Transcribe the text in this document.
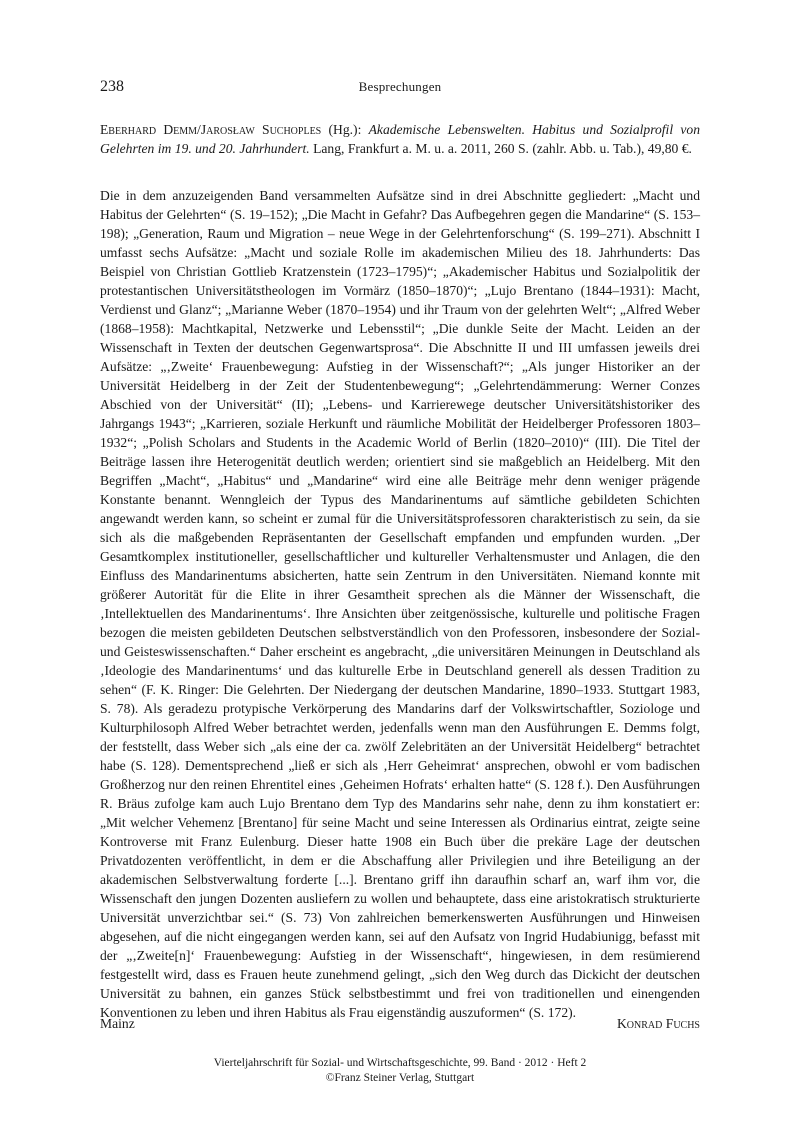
238	Besprechungen

Eberhard Demm/Jarosław Suchoples (Hg.): Akademische Lebenswelten. Habitus und Sozialprofil von Gelehrten im 19. und 20. Jahrhundert. Lang, Frankfurt a. M. u. a. 2011, 260 S. (zahlr. Abb. u. Tab.), 49,80 €.

Die in dem anzuzeigenden Band versammelten Aufsätze sind in drei Abschnitte gegliedert: „Macht und Habitus der Gelehrten“ (S. 19–152); „Die Macht in Gefahr? Das Aufbegehren gegen die Mandarine“ (S. 153–198); „Generation, Raum und Migration – neue Wege in der Gelehrtenforschung“ (S. 199–271). Abschnitt I umfasst sechs Aufsätze: „Macht und soziale Rolle im akademischen Milieu des 18. Jahrhunderts: Das Beispiel von Christian Gottlieb Kratzenstein (1723–1795)“; „Akademischer Habitus und Sozialpolitik der protestantischen Universitätstheologen im Vormärz (1850–1870)“; „Lujo Brentano (1844–1931): Macht, Verdienst und Glanz“; „Marianne Weber (1870–1954) und ihr Traum von der gelehrten Welt“; „Alfred Weber (1868–1958): Machtkapital, Netzwerke und Lebensstil“; „Die dunkle Seite der Macht. Leiden an der Wissenschaft in Texten der deutschen Gegenwartsprosa“. Die Abschnitte II und III umfassen jeweils drei Aufsätze: „‚Zweite‘ Frauenbewegung: Aufstieg in der Wissenschaft?“; „Als junger Historiker an der Universität Heidelberg in der Zeit der Studentenbewegung“; „Gelehrtendämmerung: Werner Conzes Abschied von der Universität“ (II); „Lebens- und Karrierewege deutscher Universitätshistoriker des Jahrgangs 1943“; „Karrieren, soziale Herkunft und räumliche Mobilität der Heidelberger Professoren 1803–1932“; „Polish Scholars and Students in the Academic World of Berlin (1820–2010)“ (III). Die Titel der Beiträge lassen ihre Heterogenität deutlich werden; orientiert sind sie maßgeblich an Heidelberg. Mit den Begriffen „Macht“, „Habitus“ und „Mandarine“ wird eine alle Beiträge mehr denn weniger prägende Konstante benannt. Wenngleich der Typus des Mandarinentums auf sämtliche gebildeten Schichten angewandt werden kann, so scheint er zumal für die Universitätsprofessoren charakteristisch zu sein, da sie sich als die maßgebenden Repräsentanten der Gesellschaft empfanden und empfunden wurden. „Der Gesamtkomplex institutioneller, gesellschaftlicher und kultureller Verhaltensmuster und Anlagen, die den Einfluss des Mandarinentums absicherten, hatte sein Zentrum in den Universitäten. Niemand konnte mit größerer Autorität für die Elite in ihrer Gesamtheit sprechen als die Männer der Wissenschaft, die ‚Intellektuellen des Mandarinentums‘. Ihre Ansichten über zeitgenössische, kulturelle und politische Fragen bezogen die meisten gebildeten Deutschen selbstverständlich von den Professoren, insbesondere der Sozial- und Geisteswissenschaften.“ Daher erscheint es angebracht, „die universitären Meinungen in Deutschland als ‚Ideologie des Mandarinentums‘ und das kulturelle Erbe in Deutschland generell als dessen Tradition zu sehen“ (F. K. Ringer: Die Gelehrten. Der Niedergang der deutschen Mandarine, 1890–1933. Stuttgart 1983, S. 78). Als geradezu protypische Verkörperung des Mandarins darf der Volkswirtschaftler, Soziologe und Kulturphilosoph Alfred Weber betrachtet werden, jedenfalls wenn man den Ausführungen E. Demms folgt, der feststellt, dass Weber sich „als eine der ca. zwölf Zelebritäten an der Universität Heidelberg“ betrachtet habe (S. 128). Dementsprechend „ließ er sich als ‚Herr Geheimrat‘ ansprechen, obwohl er vom badischen Großherzog nur den reinen Ehrentitel eines ‚Geheimen Hofrats‘ erhalten hatte“ (S. 128 f.). Den Ausführungen R. Bräus zufolge kam auch Lujo Brentano dem Typ des Mandarins sehr nahe, denn zu ihm konstatiert er: „Mit welcher Vehemenz [Brentano] für seine Macht und seine Interessen als Ordinarius eintrat, zeigte seine Kontroverse mit Franz Eulenburg. Dieser hatte 1908 ein Buch über die prekäre Lage der deutschen Privatdozenten veröffentlicht, in dem er die Abschaffung aller Privilegien und ihre Beteiligung an der akademischen Selbstverwaltung forderte [...]. Brentano griff ihn daraufhin scharf an, warf ihm vor, die Wissenschaft den jungen Dozenten ausliefern zu wollen und behauptete, dass eine aristokratisch strukturierte Universität unverzichtbar sei.“ (S. 73) Von zahlreichen bemerkenswerten Ausführungen und Hinweisen abgesehen, auf die nicht eingegangen werden kann, sei auf den Aufsatz von Ingrid Hudabiunigg, befasst mit der „‚Zweite[n]‘ Frauenbewegung: Aufstieg in der Wissenschaft“, hingewiesen, in dem resümierend festgestellt wird, dass es Frauen heute zunehmend gelingt, „sich den Weg durch das Dickicht der deutschen Universität zu bahnen, ein ganzes Stück selbstbestimmt und frei von traditionellen und einengenden Konventionen zu leben und ihren Habitus als Frau eigenständig auszuformen“ (S. 172).

Mainz	Konrad Fuchs
Vierteljahrschrift für Sozial- und Wirtschaftsgeschichte, 99. Band · 2012 · Heft 2
©Franz Steiner Verlag, Stuttgart
